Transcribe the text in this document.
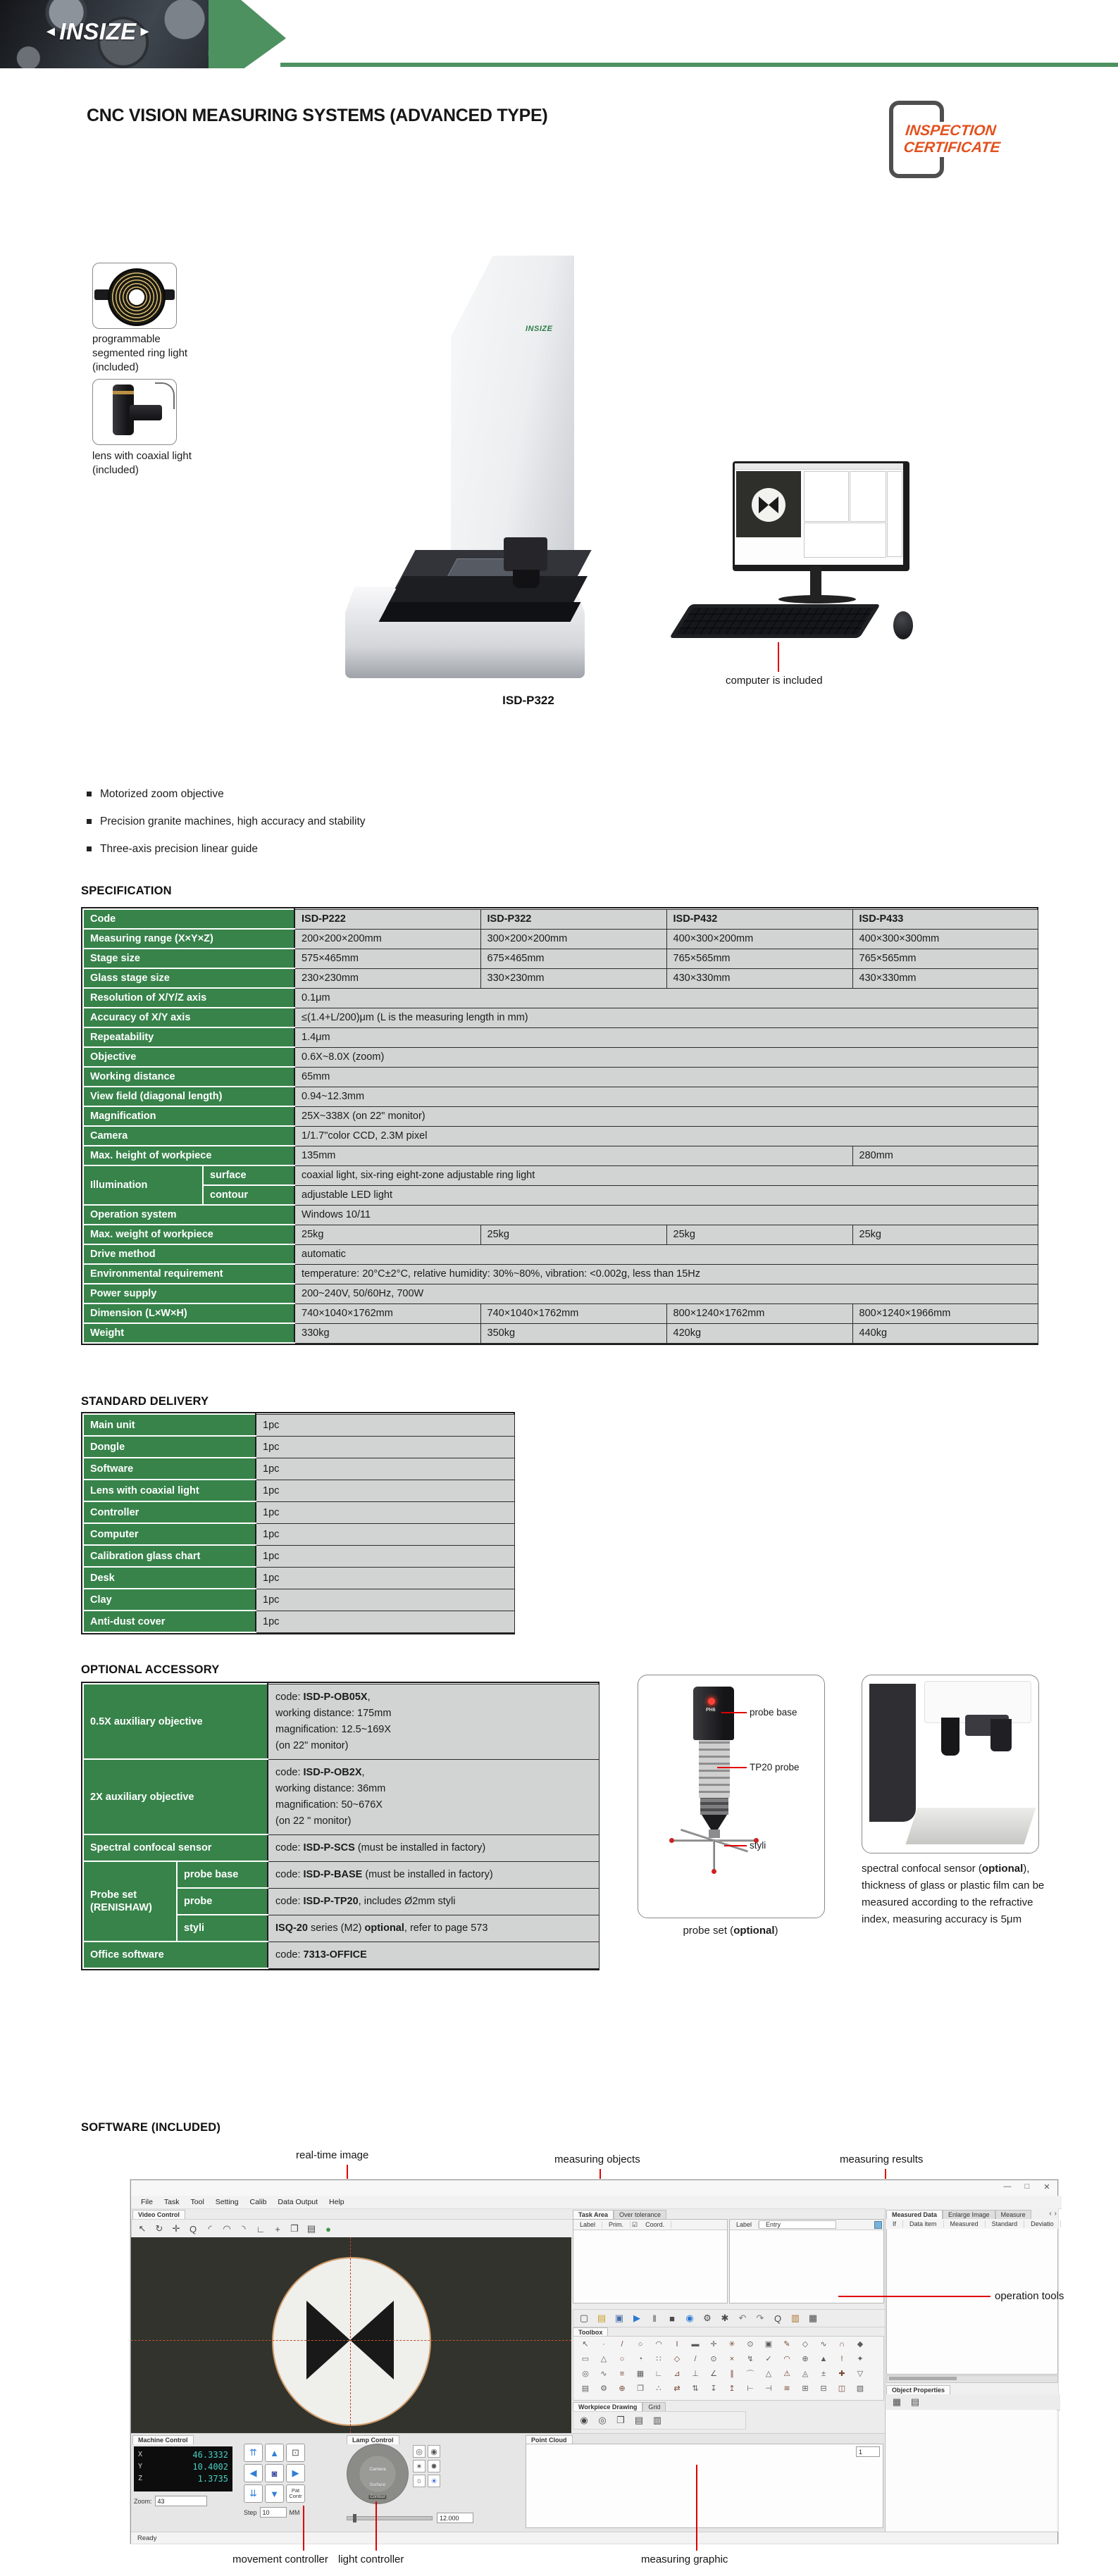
◄ INSIZE ►
CNC VISION MEASURING SYSTEMS (ADVANCED TYPE)
INSPECTION
CERTIFICATE
programmable segmented ring light (included)
lens with coaxial light (included)
INSIZE
ISD-P322
computer is included
Motorized zoom objective
Precision granite machines, high accuracy and stability
Three-axis precision linear guide
SPECIFICATION
Code		ISD-P222	ISD-P322	ISD-P432	ISD-P433
Measuring range (X×Y×Z)		200×200×200mm	300×200×200mm	400×300×200mm	400×300×300mm
Stage size		575×465mm	675×465mm	765×565mm	765×565mm
Glass stage size		230×230mm	330×230mm	430×330mm	430×330mm
Resolution of X/Y/Z axis		0.1μm			
Accuracy of X/Y axis		≤(1.4+L/200)μm (L is the measuring length in mm)			
Repeatability		1.4μm			
Objective		0.6X~8.0X (zoom)			
Working distance		65mm			
View field (diagonal length)		0.94~12.3mm			
Magnification		25X~338X (on 22" monitor)			
Camera		1/1.7"color CCD, 2.3M pixel			
Max. height of workpiece		135mm			280mm
Illumination	surface	coaxial light, six-ring eight-zone adjustable ring light			
	contour	adjustable LED light			
Operation system		Windows 10/11			
Max. weight of workpiece		25kg	25kg	25kg	25kg
Drive method		automatic			
Environmental requirement		temperature: 20°C±2°C, relative humidity: 30%~80%, vibration: <0.002g, less than 15Hz			
Power supply		200~240V, 50/60Hz, 700W			
Dimension (L×W×H)		740×1040×1762mm	740×1040×1762mm	800×1240×1762mm	800×1240×1966mm
Weight		330kg	350kg	420kg	440kg
STANDARD DELIVERY
Main unit	1pc
Dongle	1pc
Software	1pc
Lens with coaxial light	1pc
Controller	1pc
Computer	1pc
Calibration glass chart	1pc
Desk	1pc
Clay	1pc
Anti-dust cover	1pc
OPTIONAL ACCESSORY
0.5X auxiliary objective		code: ISD-P-OB05X,
working distance: 175mm
magnification: 12.5~169X
(on 22" monitor)

2X auxiliary objective		code: ISD-P-OB2X,
working distance: 36mm
magnification: 50~676X
(on 22 " monitor)

Spectral confocal sensor		code: ISD-P-SCS (must be installed in factory)

Probe set (RENISHAW)	probe base	code: ISD-P-BASE (must be installed in factory)

	probe	code: ISD-P-TP20, includes Ø2mm styli

	styli	ISQ-20 series (M2) optional, refer to page 573

Office software		code: 7313-OFFICE
PH6	probe base
TP20 probe
styli
probe set (optional)
spectral confocal sensor (optional), thickness of glass or plastic film can be measured according to the refractive index, measuring accuracy is 5μm
SOFTWARE (INCLUDED)
real-time image	measuring objects	measuring results
—	□	✕
File	Task	Tool	Setting	Calib	Data Output	Help
Video Control
↖	↻	✛	Q	◜	◠	◝	∟	+	❐ ▤	●
Task Area	Over tolerance
Label	Prim.	☑	Coord.	Label	Entry
▢ ▤ ▣	▶	‖	■	◉	⚙	✱	↶	↷	Q	▥ ▦
Toolbox
↖	·	/	○	◠	Ι	▬	✛	✳	⊙	▣	✎	◇	∿	∩	◆
▭	△	○	◔	∷	◇	/	⊙	×	↯	✓	◠	⊕	▲	!	✦
◎	∿	≡	▦	∟	⊿	⊥	∠	∥	⌒	△	⚠	◬	±	✚	▽
▤	⚙	⊕	❐	∴	⇄	⇅	↧	↥	⊢	⊣	≋	⊞	⊟	◫	▧
Workpiece Drawing	Grid
◉	◎	❐	▤	▥
Measured Data	Enlarge Image	Measure	‹ ›
If	Data item	Measured	Standard	Deviatio
Object Properties
▦	▤
Machine Control
X	46.3332
Y	10.4002
Z	1.3735
Zoom: 43
⇈	▲	⊡
◀	◙	▶
⇊	▼	Pat Contr
Step 10	MM
Lamp Control
Camera
Surface
Contour
◎	◉
✶	✸
☼	☀
12.000
Point Cloud
1
Ready
operation tools
movement controller light controller	measuring graphic
